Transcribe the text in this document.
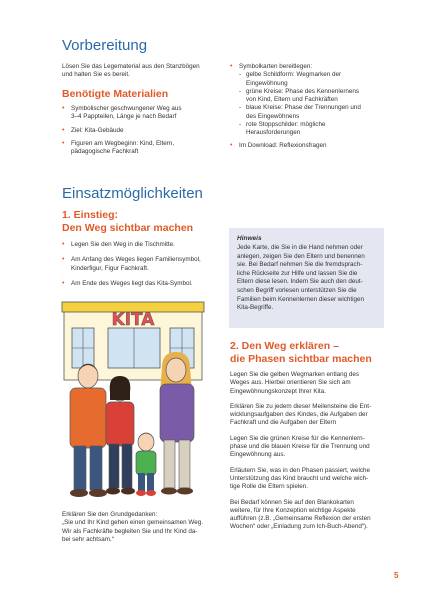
Vorbereitung
Lösen Sie das Legematerial aus den Stanzbögen
und halten Sie es bereit.
Benötigte Materialien
• Symbolischer geschwungener Weg aus
3–4 Pappteilen, Länge je nach Bedarf
• Ziel: Kita-Gebäude
• Figuren am Wegbeginn: Kind, Eltern,
pädagogische Fachkraft
• Symbolkarten bereitlegen:
- gelbe Schildform: Wegmarken der
Eingewöhnung
- grüne Kreise: Phase des Kennenlernens
von Kind, Eltern und Fachkräften
- blaue Kreise: Phase der Trennungen und
des Eingewöhnens
- rote Stoppschilder: mögliche
Herausforderungen
• Im Download: Reflexionsfragen
Einsatzmöglichkeiten
1. Einstieg:
Den Weg sichtbar machen
• Legen Sie den Weg in die Tischmitte.
• Am Anfang des Weges liegen Familiensymbol,
Kinderfigur, Figur Fachkraft.
• Am Ende des Weges liegt das Kita-Symbol.
Hinweis
Jede Karte, die Sie in die Hand nehmen oder
anlegen, zeigen Sie den Eltern und benennen
sie. Bei Bedarf nehmen Sie die fremdsprach-
liche Rückseite zur Hilfe und lassen Sie die
Eltern diese lesen. Indem Sie auch den deut-
schen Begriff vorlesen unterstützen Sie die
Familien beim Kennenlernen dieser wichtigen
Kita-Begriffe.
KITA
Erklären Sie den Grundgedanken:
„Sie und Ihr Kind gehen einen gemeinsamen Weg.
Wir als Fachkräfte begleiten Sie und Ihr Kind da-
bei sehr achtsam.“
2. Den Weg erklären –
die Phasen sichtbar machen
Legen Sie die gelben Wegmarken entlang des
Weges aus. Hierbei orientieren Sie sich am
Eingewöhnungskonzept Ihrer Kita.
Erklären Sie zu jedem dieser Meilensteine die Ent-
wicklungsaufgaben des Kindes, die Aufgaben der
Fachkraft und die Aufgaben der Eltern
Legen Sie die grünen Kreise für die Kennenlern-
phase und die blauen Kreise für die Trennung und
Eingewöhnung aus.
Erläutern Sie, was in den Phasen passiert, welche
Unterstützung das Kind braucht und welche wich-
tige Rolle die Eltern spielen.
Bei Bedarf können Sie auf den Blankokarten
weitere, für Ihre Konzeption wichtige Aspekte
aufführen (z.B. „Gemeinsame Reflexion der ersten
Wochen“ oder „Einladung zum Ich-Buch-Abend“).
5
